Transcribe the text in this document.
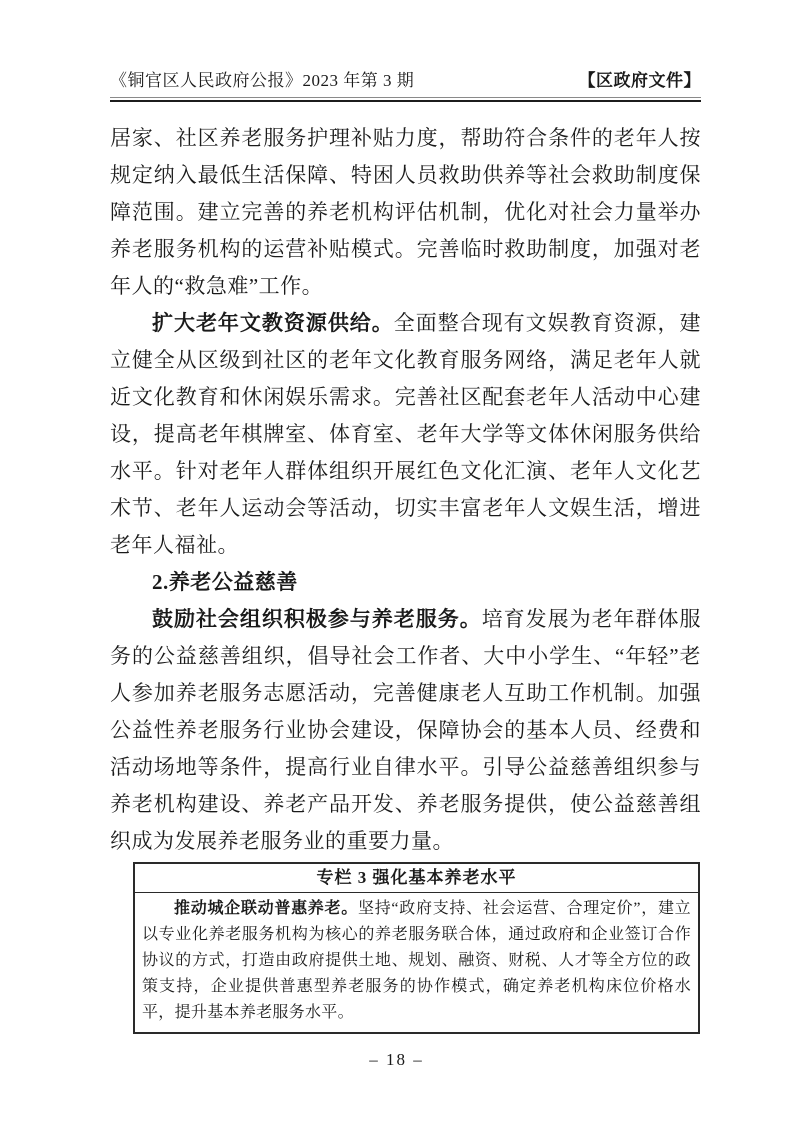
《铜官区人民政府公报》2023 年第 3 期	【区政府文件】

居家、社区养老服务护理补贴力度，帮助符合条件的老年人按规定纳入最低生活保障、特困人员救助供养等社会救助制度保障范围。建立完善的养老机构评估机制，优化对社会力量举办养老服务机构的运营补贴模式。完善临时救助制度，加强对老年人的“救急难”工作。

扩大老年文教资源供给。全面整合现有文娱教育资源，建立健全从区级到社区的老年文化教育服务网络，满足老年人就近文化教育和休闲娱乐需求。完善社区配套老年人活动中心建设，提高老年棋牌室、体育室、老年大学等文体休闲服务供给水平。针对老年人群体组织开展红色文化汇演、老年人文化艺术节、老年人运动会等活动，切实丰富老年人文娱生活，增进老年人福祉。

2.养老公益慈善

鼓励社会组织积极参与养老服务。培育发展为老年群体服务的公益慈善组织，倡导社会工作者、大中小学生、“年轻”老人参加养老服务志愿活动，完善健康老人互助工作机制。加强公益性养老服务行业协会建设，保障协会的基本人员、经费和活动场地等条件，提高行业自律水平。引导公益慈善组织参与养老机构建设、养老产品开发、养老服务提供，使公益慈善组织成为发展养老服务业的重要力量。

专栏 3 强化基本养老水平
推动城企联动普惠养老。坚持“政府支持、社会运营、合理定价”，建立以专业化养老服务机构为核心的养老服务联合体，通过政府和企业签订合作协议的方式，打造由政府提供土地、规划、融资、财税、人才等全方位的政策支持，企业提供普惠型养老服务的协作模式，确定养老机构床位价格水平，提升基本养老服务水平。
– 18 –
